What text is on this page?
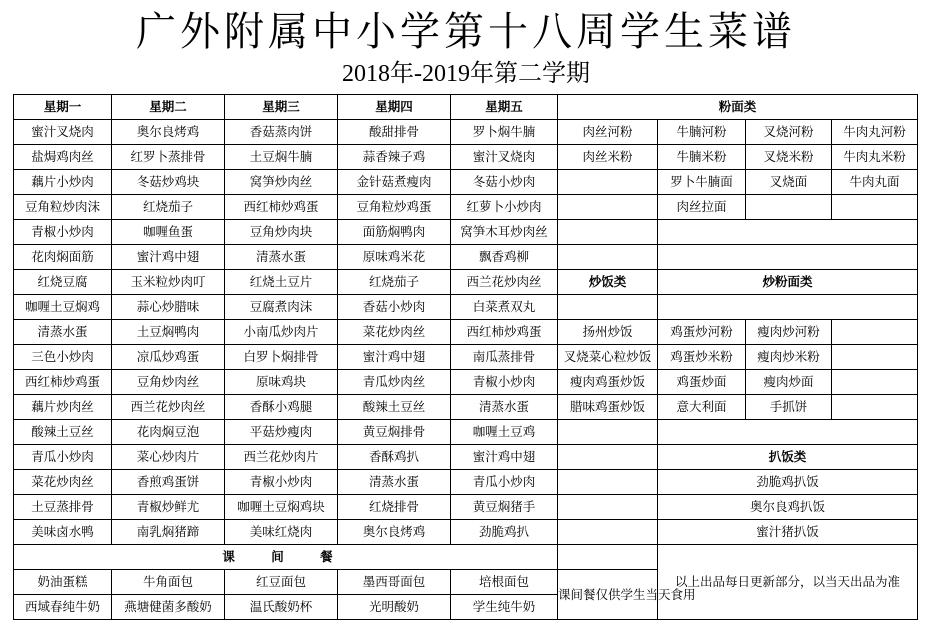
广外附属中小学第十八周学生菜谱
2018年-2019年第二学期
星期一	星期二	星期三	星期四	星期五	粉面类			
蜜汁叉烧肉	奥尔良烤鸡	香菇蒸肉饼	酸甜排骨	罗卜焖牛腩	肉丝河粉	牛腩河粉	叉烧河粉	牛肉丸河粉
盐焗鸡肉丝	红罗卜蒸排骨	土豆焖牛腩	蒜香辣子鸡	蜜汁叉烧肉	肉丝米粉	牛腩米粉	叉烧米粉	牛肉丸米粉
藕片小炒肉	冬菇炒鸡块	窝笋炒肉丝	金针菇煮瘦肉	冬菇小炒肉		罗卜牛腩面	叉烧面	牛肉丸面
豆角粒炒肉沫	红烧茄子	西红柿炒鸡蛋	豆角粒炒鸡蛋	红萝卜小炒肉		肉丝拉面		
青椒小炒肉	咖喱鱼蛋	豆角炒肉块	面筋焖鸭肉	窝笋木耳炒肉丝				
花肉焖面筋	蜜汁鸡中翅	清蒸水蛋	原味鸡米花	飘香鸡柳				
红烧豆腐	玉米粒炒肉叮	红烧土豆片	红烧茄子	西兰花炒肉丝	炒饭类	炒粉面类		
咖喱土豆焖鸡	蒜心炒腊味	豆腐煮肉沫	香菇小炒肉	白菜煮双丸				
清蒸水蛋	土豆焖鸭肉	小南瓜炒肉片	菜花炒肉丝	西红柿炒鸡蛋	扬州炒饭	鸡蛋炒河粉	瘦肉炒河粉	
三色小炒肉	凉瓜炒鸡蛋	白罗卜焖排骨	蜜汁鸡中翅	南瓜蒸排骨	叉烧菜心粒炒饭	鸡蛋炒米粉	瘦肉炒米粉	
西红柿炒鸡蛋	豆角炒肉丝	原味鸡块	青瓜炒肉丝	青椒小炒肉	瘦肉鸡蛋炒饭	鸡蛋炒面	瘦肉炒面	
藕片炒肉丝	西兰花炒肉丝	香酥小鸡腿	酸辣土豆丝	清蒸水蛋	腊味鸡蛋炒饭	意大利面	手抓饼	
酸辣土豆丝	花肉焖豆泡	平菇炒瘦肉	黄豆焖排骨	咖喱土豆鸡				
青瓜小炒肉	菜心炒肉片	西兰花炒肉片	香酥鸡扒	蜜汁鸡中翅		扒饭类		
菜花炒肉丝	香煎鸡蛋饼	青椒小炒肉	清蒸水蛋	青瓜小炒肉		劲脆鸡扒饭		
土豆蒸排骨	青椒炒鲜尤	咖喱土豆焖鸡块	红烧排骨	黄豆焖猪手		奥尔良鸡扒饭		
美味卤水鸭	南乳焖猪蹄	美味红烧肉	奥尔良烤鸡	劲脆鸡扒		蜜汁猪扒饭		
课 间 餐						以上出品每日更新部分，以当天出品为准		
奶油蛋糕	牛角面包	红豆面包	墨西哥面包	培根面包	课间餐仅供学生当天食用			
西域春纯牛奶	燕塘健菌多酸奶	温氏酸奶杯	光明酸奶	学生纯牛奶				
